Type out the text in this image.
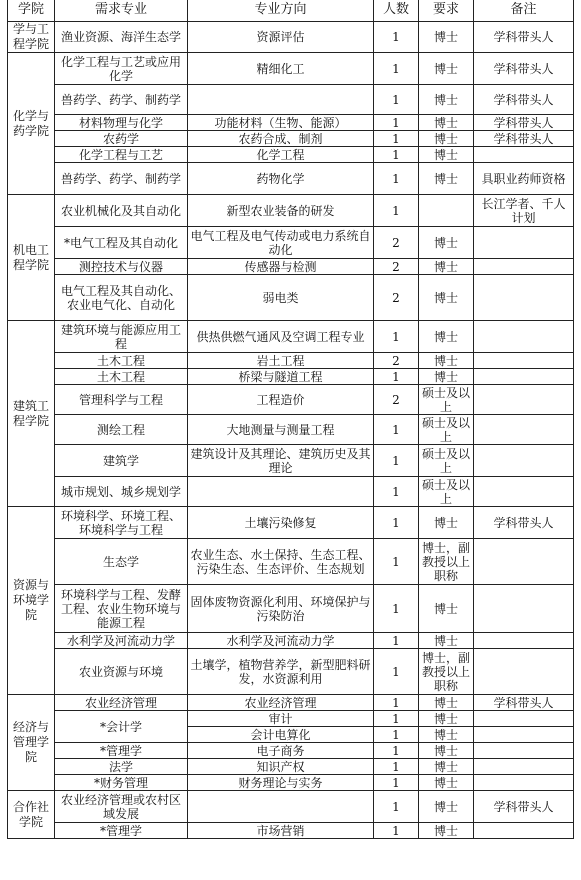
学院	需求专业	专业方向	人数	要求	备注
学与工程学院	渔业资源、海洋生态学	资源评估	1	博士	学科带头人
化学与药学院	化学工程与工艺或应用化学	精细化工	1	博士	学科带头人
	兽药学、药学、制药学		1	博士	学科带头人
	材料物理与化学	功能材料（生物、能源）	1	博士	学科带头人
	农药学	农药合成、制剂	1	博士	学科带头人
	化学工程与工艺	化学工程	1	博士	
	兽药学、药学、制药学	药物化学	1	博士	具职业药师资格
机电工程学院	农业机械化及其自动化	新型农业装备的研发	1		长江学者、千人计划
	*电气工程及其自动化	电气工程及电气传动或电力系统自动化	2	博士	
	测控技术与仪器	传感器与检测	2	博士	
	电气工程及其自动化、农业电气化、自动化	弱电类	2	博士	
建筑工程学院	建筑环境与能源应用工程	供热供燃气通风及空调工程专业	1	博士	
	土木工程	岩土工程	2	博士	
	土木工程	桥梁与隧道工程	1	博士	
	管理科学与工程	工程造价	2	硕士及以上	
	测绘工程	大地测量与测量工程	1	硕士及以上	
	建筑学	建筑设计及其理论、建筑历史及其理论	1	硕士及以上	
	城市规划、城乡规划学		1	硕士及以上	
资源与环境学院	环境科学、环境工程、环境科学与工程	土壤污染修复	1	博士	学科带头人
	生态学	农业生态、水土保持、生态工程、污染生态、生态评价、生态规划	1	博士，副教授以上职称	
	环境科学与工程、发酵工程、农业生物环境与能源工程	固体废物资源化利用、环境保护与污染防治	1	博士	
	水利学及河流动力学	水利学及河流动力学	1	博士	
	农业资源与环境	土壤学，植物营养学，新型肥料研发，水资源利用	1	博士，副教授以上职称	
经济与管理学院	农业经济管理	农业经济管理	1	博士	学科带头人
	*会计学	审计	1	博士	
		会计电算化	1	博士	
	*管理学	电子商务	1	博士	
	法学	知识产权	1	博士	
	*财务管理	财务理论与实务	1	博士	
合作社学院	农业经济管理或农村区域发展		1	博士	学科带头人
	*管理学	市场营销	1	博士	
